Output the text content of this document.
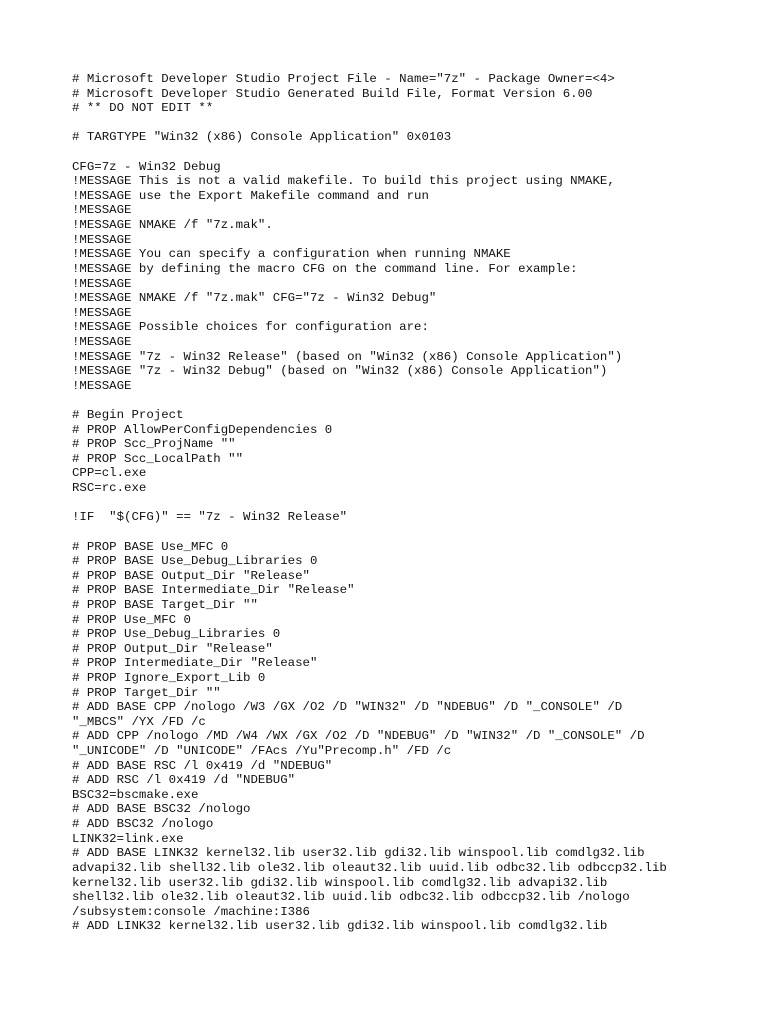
# Microsoft Developer Studio Project File - Name="7z" - Package Owner=<4>
# Microsoft Developer Studio Generated Build File, Format Version 6.00
# ** DO NOT EDIT **
# TARGTYPE "Win32 (x86) Console Application" 0x0103
CFG=7z - Win32 Debug
!MESSAGE This is not a valid makefile. To build this project using NMAKE,
!MESSAGE use the Export Makefile command and run
!MESSAGE
!MESSAGE NMAKE /f "7z.mak".
!MESSAGE
!MESSAGE You can specify a configuration when running NMAKE
!MESSAGE by defining the macro CFG on the command line. For example:
!MESSAGE
!MESSAGE NMAKE /f "7z.mak" CFG="7z - Win32 Debug"
!MESSAGE
!MESSAGE Possible choices for configuration are:
!MESSAGE
!MESSAGE "7z - Win32 Release" (based on "Win32 (x86) Console Application")
!MESSAGE "7z - Win32 Debug" (based on "Win32 (x86) Console Application")
!MESSAGE
# Begin Project
# PROP AllowPerConfigDependencies 0
# PROP Scc_ProjName ""
# PROP Scc_LocalPath ""
CPP=cl.exe
RSC=rc.exe
!IF  "$(CFG)" == "7z - Win32 Release"
# PROP BASE Use_MFC 0
# PROP BASE Use_Debug_Libraries 0
# PROP BASE Output_Dir "Release"
# PROP BASE Intermediate_Dir "Release"
# PROP BASE Target_Dir ""
# PROP Use_MFC 0
# PROP Use_Debug_Libraries 0
# PROP Output_Dir "Release"
# PROP Intermediate_Dir "Release"
# PROP Ignore_Export_Lib 0
# PROP Target_Dir ""
# ADD BASE CPP /nologo /W3 /GX /O2 /D "WIN32" /D "NDEBUG" /D "_CONSOLE" /D
"_MBCS" /YX /FD /c
# ADD CPP /nologo /MD /W4 /WX /GX /O2 /D "NDEBUG" /D "WIN32" /D "_CONSOLE" /D
"_UNICODE" /D "UNICODE" /FAcs /Yu"Precomp.h" /FD /c
# ADD BASE RSC /l 0x419 /d "NDEBUG"
# ADD RSC /l 0x419 /d "NDEBUG"
BSC32=bscmake.exe
# ADD BASE BSC32 /nologo
# ADD BSC32 /nologo
LINK32=link.exe
# ADD BASE LINK32 kernel32.lib user32.lib gdi32.lib winspool.lib comdlg32.lib
advapi32.lib shell32.lib ole32.lib oleaut32.lib uuid.lib odbc32.lib odbccp32.lib
kernel32.lib user32.lib gdi32.lib winspool.lib comdlg32.lib advapi32.lib
shell32.lib ole32.lib oleaut32.lib uuid.lib odbc32.lib odbccp32.lib /nologo
/subsystem:console /machine:I386
# ADD LINK32 kernel32.lib user32.lib gdi32.lib winspool.lib comdlg32.lib
